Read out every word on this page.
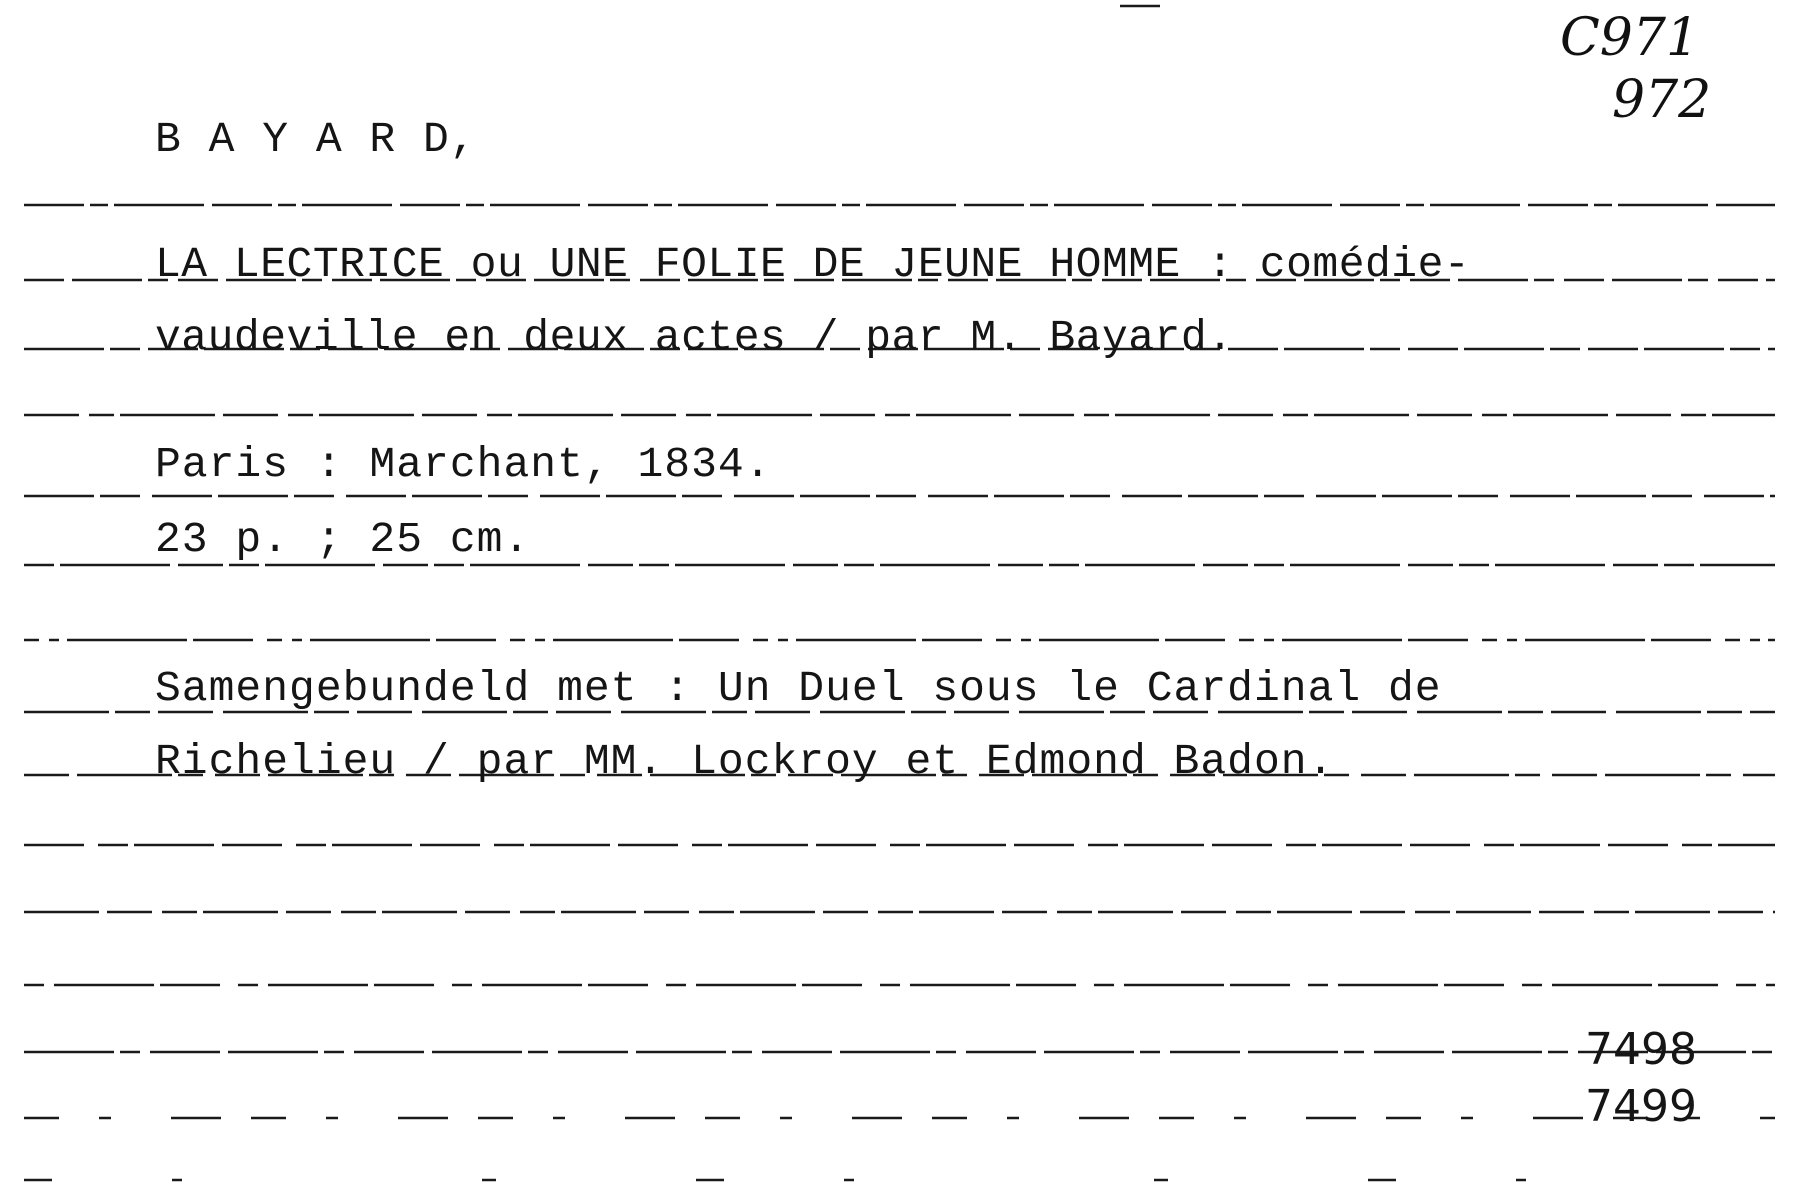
C971
972
B A Y A R D,
LA LECTRICE ou UNE FOLIE DE JEUNE HOMME : comédie-
vaudeville en deux actes / par M. Bayard.
Paris : Marchant, 1834.
23 p. ; 25 cm.
Samengebundeld met : Un Duel sous le Cardinal de
Richelieu / par MM. Lockroy et Edmond Badon.
7498
7499
